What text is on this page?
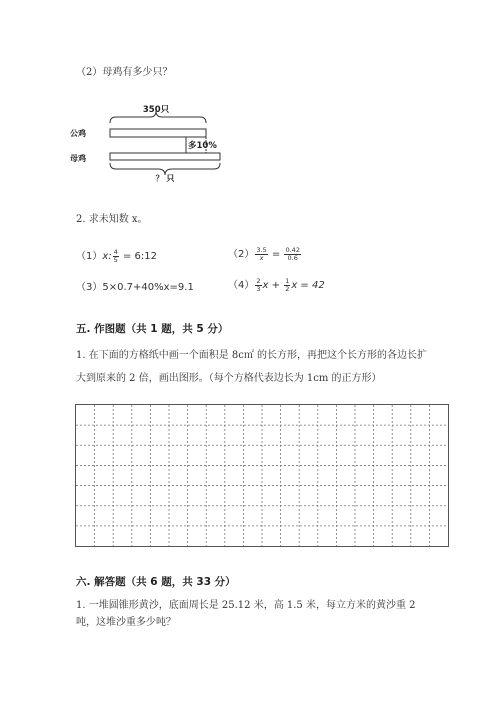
（2）母鸡有多少只？
350只
公鸡
母鸡
多10%
？ 只
2. 求未知数 x。
（1）x: $\frac{4}{5}$ = 6:12	$(2) \frac{3.5}{x} = \frac{0.42}{0.6}$
（3）5×0.7+40%x=9.1	$(4) \frac{2}{3}$ $x + \frac{1}{2}$ x = 42
五. 作图题（共 1 题，共 5 分）
1. 在下面的方格纸中画一个面积是 8c㎡ 的长方形，再把这个长方形的各边长扩
大到原来的 2 倍，画出图形。（每个方格代表边长为 1cm 的正方形）
六. 解答题（共 6 题，共 33 分）
1. 一堆圆锥形黄沙，底面周长是 25.12 米，高 1.5 米，每立方米的黄沙重 2
吨，这堆沙重多少吨？
